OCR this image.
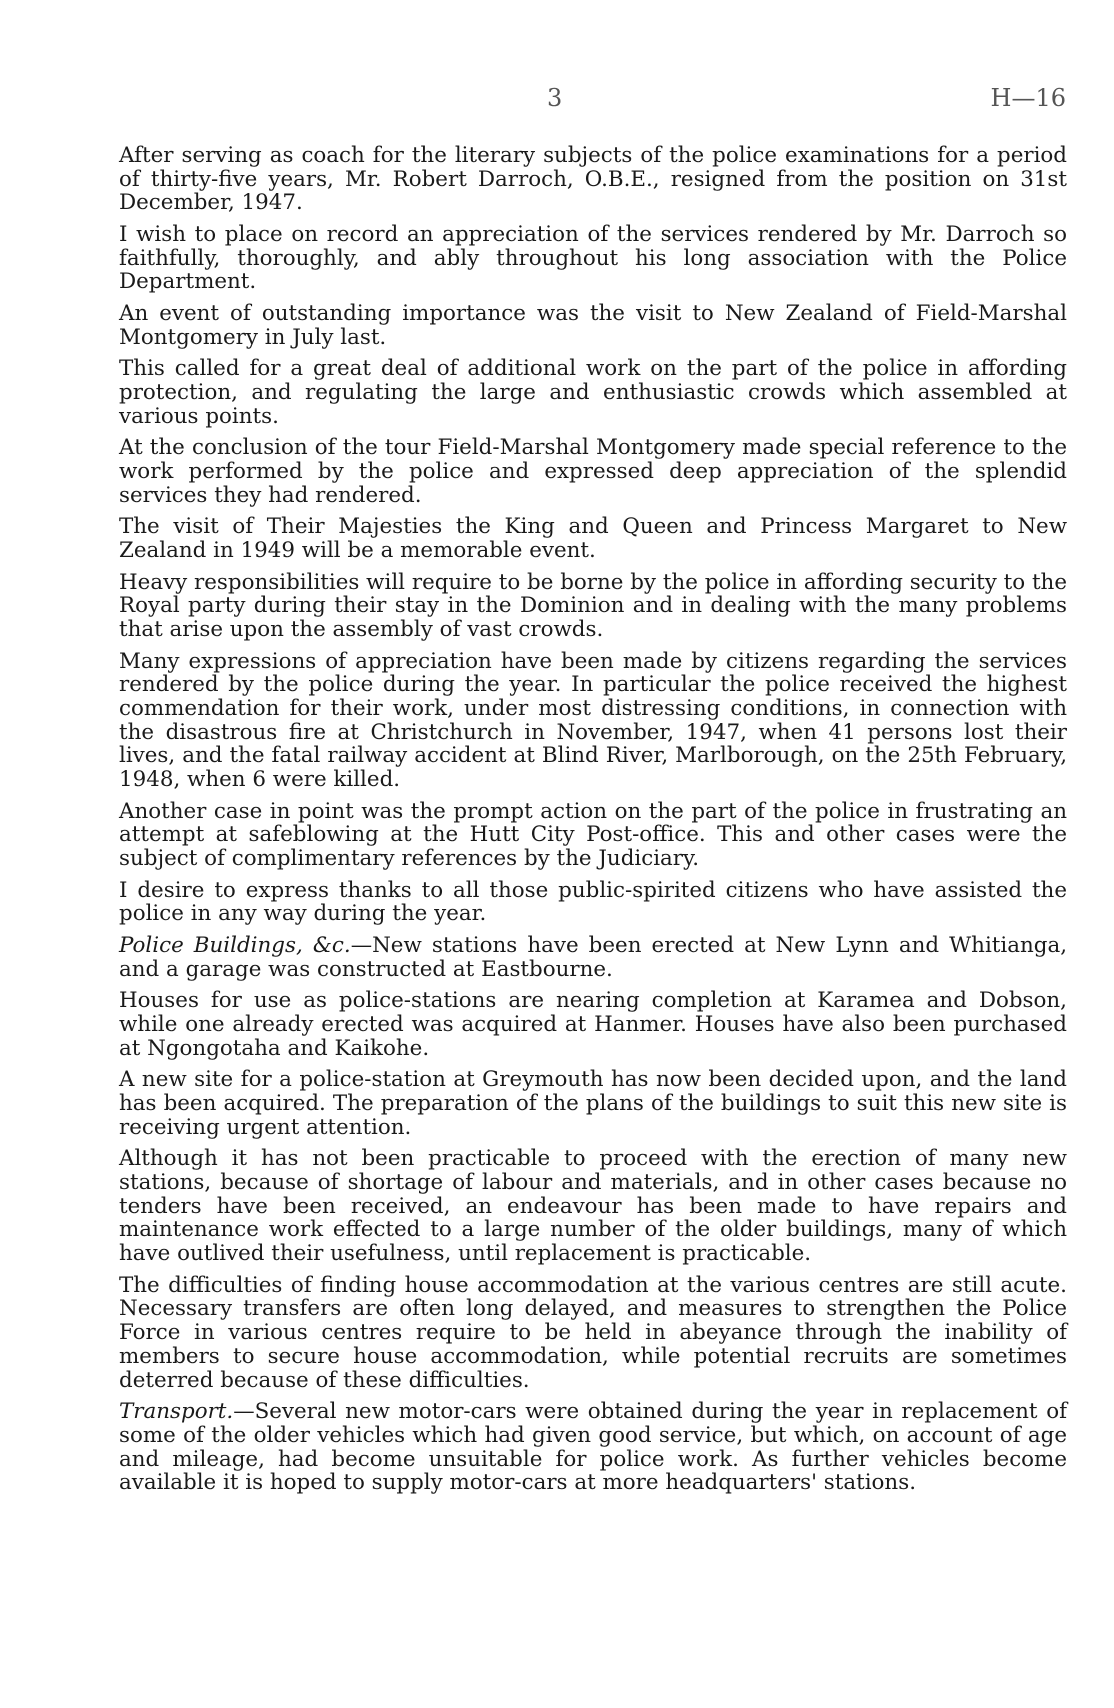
3	H—16

After serving as coach for the literary subjects of the police examinations for a period of thirty-five years, Mr. Robert Darroch, O.B.E., resigned from the position on 31st December, 1947.

I wish to place on record an appreciation of the services rendered by Mr. Darroch so faithfully, thoroughly, and ably throughout his long association with the Police Department.

An event of outstanding importance was the visit to New Zealand of Field-Marshal Montgomery in July last.

This called for a great deal of additional work on the part of the police in affording protection, and regulating the large and enthusiastic crowds which assembled at various points.

At the conclusion of the tour Field-Marshal Montgomery made special reference to the work performed by the police and expressed deep appreciation of the splendid services they had rendered.

The visit of Their Majesties the King and Queen and Princess Margaret to New Zealand in 1949 will be a memorable event.

Heavy responsibilities will require to be borne by the police in affording security to the Royal party during their stay in the Dominion and in dealing with the many problems that arise upon the assembly of vast crowds.

Many expressions of appreciation have been made by citizens regarding the services rendered by the police during the year. In particular the police received the highest commendation for their work, under most distressing conditions, in connection with the disastrous fire at Christchurch in November, 1947, when 41 persons lost their lives, and the fatal railway accident at Blind River, Marlborough, on the 25th February, 1948, when 6 were killed.

Another case in point was the prompt action on the part of the police in frustrating an attempt at safeblowing at the Hutt City Post-office. This and other cases were the subject of complimentary references by the Judiciary.

I desire to express thanks to all those public-spirited citizens who have assisted the police in any way during the year.

Police Buildings, &c.—New stations have been erected at New Lynn and Whitianga, and a garage was constructed at Eastbourne.

Houses for use as police-stations are nearing completion at Karamea and Dobson, while one already erected was acquired at Hanmer. Houses have also been purchased at Ngongotaha and Kaikohe.

A new site for a police-station at Greymouth has now been decided upon, and the land has been acquired. The preparation of the plans of the buildings to suit this new site is receiving urgent attention.

Although it has not been practicable to proceed with the erection of many new stations, because of shortage of labour and materials, and in other cases because no tenders have been received, an endeavour has been made to have repairs and maintenance work effected to a large number of the older buildings, many of which have outlived their usefulness, until replacement is practicable.

The difficulties of finding house accommodation at the various centres are still acute. Necessary transfers are often long delayed, and measures to strengthen the Police Force in various centres require to be held in abeyance through the inability of members to secure house accommodation, while potential recruits are sometimes deterred because of these difficulties.

Transport.—Several new motor-cars were obtained during the year in replacement of some of the older vehicles which had given good service, but which, on account of age and mileage, had become unsuitable for police work. As further vehicles become available it is hoped to supply motor-cars at more headquarters' stations.
